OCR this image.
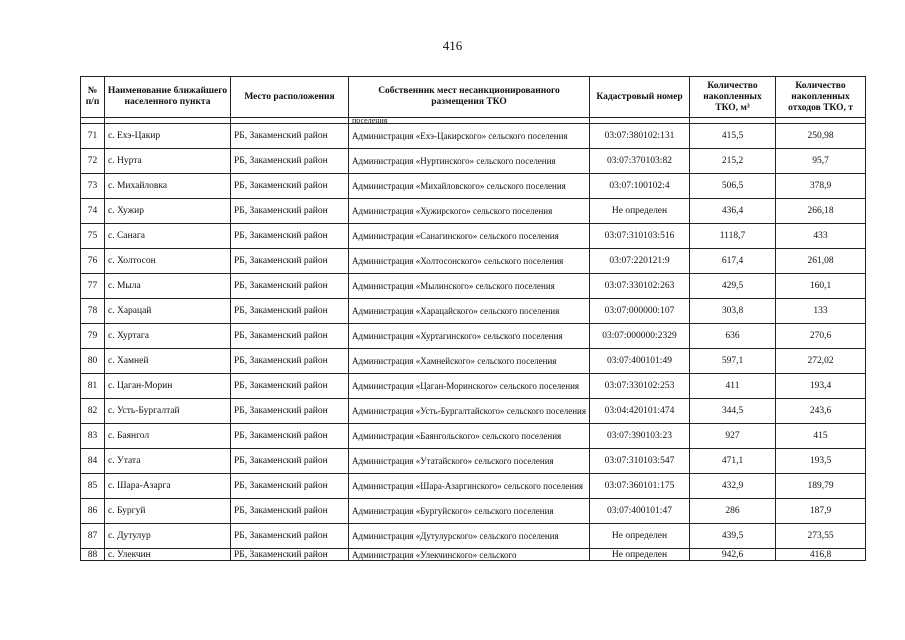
416
№ п/п	Наименование ближайшего населенного пункта	Место расположения	Собственник мест несанкционированного размещения ТКО	Кадастровый номер	Количество накопленных ТКО, м³	Количество накопленных отходов ТКО, т
			поселения			
71	с. Ехэ-Цакир	РБ, Закаменский район	Администрация «Ехэ-Цакирского» сельского поселения	03:07:380102:131	415,5	250,98
72	с. Нурта	РБ, Закаменский район	Администрация «Нуртинского» сельского поселения	03:07:370103:82	215,2	95,7
73	с. Михайловка	РБ, Закаменский район	Администрация «Михайловского» сельского поселения	03:07:100102:4	506,5	378,9
74	с. Хужир	РБ, Закаменский район	Администрация «Хужирского» сельского поселения	Не определен	436,4	266,18
75	с. Санага	РБ, Закаменский район	Администрация «Санагинского» сельского поселения	03:07:310103:516	1118,7	433
76	с. Холтосон	РБ, Закаменский район	Администрация «Холтосонского» сельского поселения	03:07:220121:9	617,4	261,08
77	с. Мыла	РБ, Закаменский район	Администрация «Мылинского» сельского поселения	03:07:330102:263	429,5	160,1
78	с. Харацай	РБ, Закаменский район	Администрация «Харацайского» сельского поселения	03:07:000000:107	303,8	133
79	с. Хуртага	РБ, Закаменский район	Администрация «Хуртагинского» сельского поселения	03:07:000000:2329	636	270,6
80	с. Хамней	РБ, Закаменский район	Администрация «Хамнейского» сельского поселения	03:07:400101:49	597,1	272,02
81	с. Цаган-Морин	РБ, Закаменский район	Администрация «Цаган-Моринского» сельского поселения	03:07:330102:253	411	193,4
82	с. Усть-Бургалтай	РБ, Закаменский район	Администрация «Усть-Бургалтайского» сельского поселения	03:04:420101:474	344,5	243,6
83	с. Баянгол	РБ, Закаменский район	Администрация «Баянгольского» сельского поселения	03:07:390103:23	927	415
84	с. Утата	РБ, Закаменский район	Администрация «Утатайского» сельского поселения	03:07:310103:547	471,1	193,5
85	с. Шара-Азарга	РБ, Закаменский район	Администрация «Шара-Азаргинского» сельского поселения	03:07:360101:175	432,9	189,79
86	с. Бургуй	РБ, Закаменский район	Администрация «Бургуйского» сельского поселения	03:07:400101:47	286	187,9
87	с. Дутулур	РБ, Закаменский район	Администрация «Дутулурского» сельского поселения	Не определен	439,5	273,55
88	с. Улекчин	РБ, Закаменский район	Администрация «Улекчинского» сельского	Не определен	942,6	416,8
